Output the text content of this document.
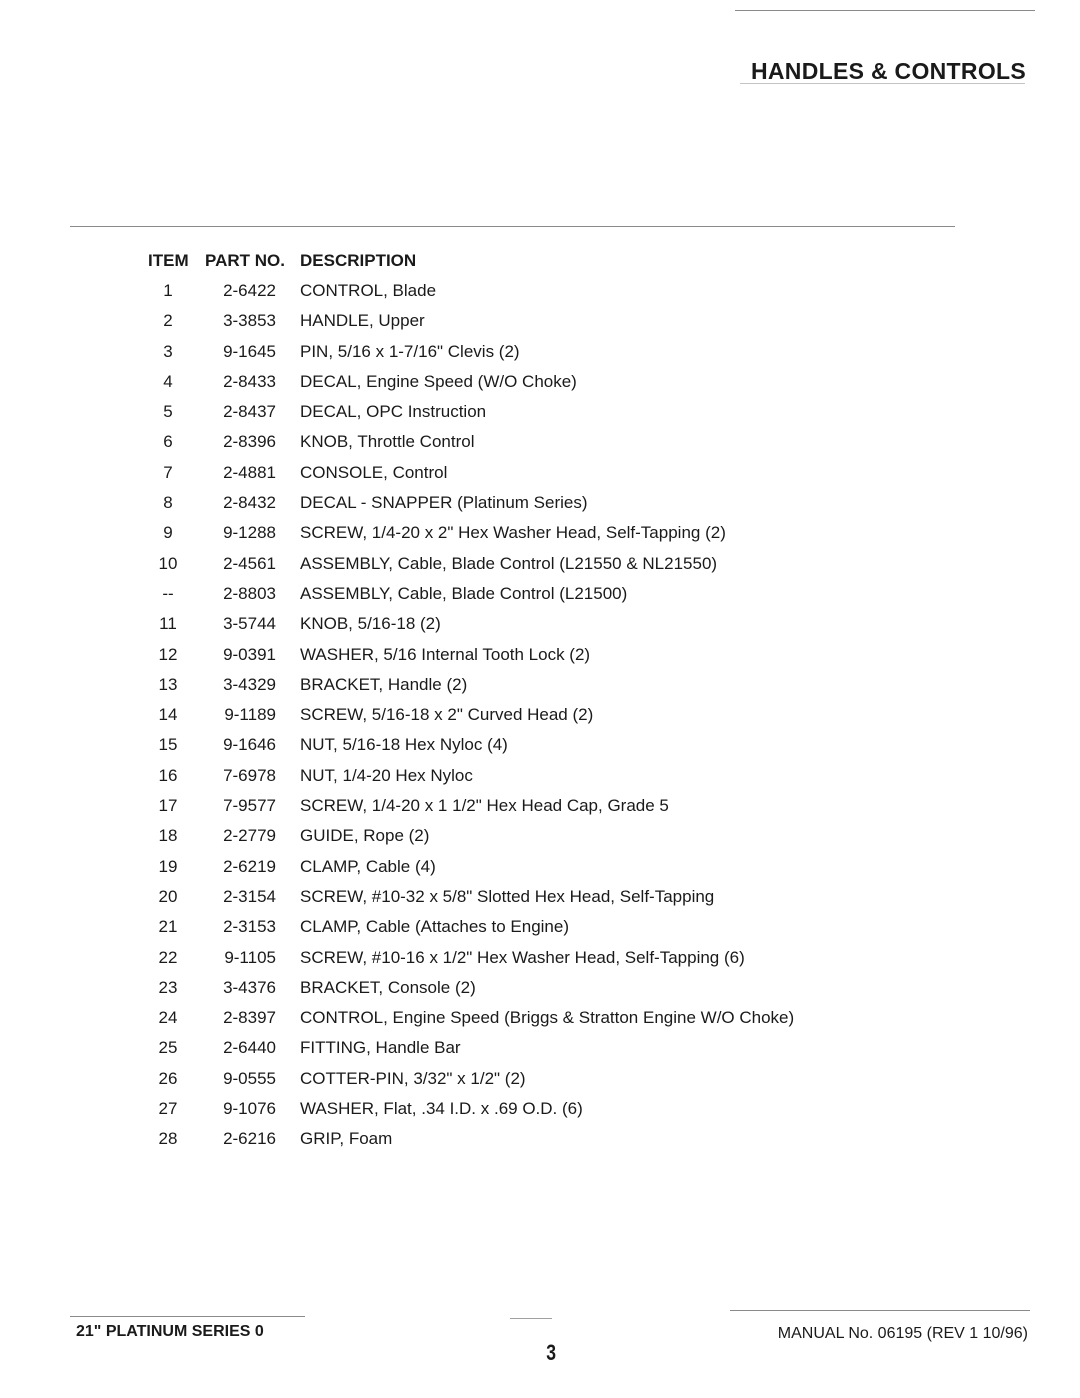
HANDLES & CONTROLS
ITEM PART NO. DESCRIPTION
1	2-6422 CONTROL, Blade
2	3-3853 HANDLE, Upper
3	9-1645 PIN, 5/16 x 1-7/16" Clevis (2)
4	2-8433 DECAL, Engine Speed (W/O Choke)
5	2-8437 DECAL, OPC Instruction
6	2-8396 KNOB, Throttle Control
7	2-4881 CONSOLE, Control
8	2-8432 DECAL - SNAPPER (Platinum Series)
9	9-1288 SCREW, 1/4-20 x 2" Hex Washer Head, Self-Tapping (2)
10	2-4561 ASSEMBLY, Cable, Blade Control (L21550 & NL21550)
--	2-8803 ASSEMBLY, Cable, Blade Control (L21500)
11	3-5744 KNOB, 5/16-18 (2)
12	9-0391 WASHER, 5/16 Internal Tooth Lock (2)
13	3-4329 BRACKET, Handle (2)
14	9-1189 SCREW, 5/16-18 x 2" Curved Head (2)
15	9-1646 NUT, 5/16-18 Hex Nyloc (4)
16	7-6978 NUT, 1/4-20 Hex Nyloc
17	7-9577 SCREW, 1/4-20 x 1 1/2" Hex Head Cap, Grade 5
18	2-2779 GUIDE, Rope (2)
19	2-6219 CLAMP, Cable (4)
20	2-3154 SCREW, #10-32 x 5/8" Slotted Hex Head, Self-Tapping
21	2-3153 CLAMP, Cable (Attaches to Engine)
22	9-1105 SCREW, #10-16 x 1/2" Hex Washer Head, Self-Tapping (6)
23	3-4376 BRACKET, Console (2)
24	2-8397 CONTROL, Engine Speed (Briggs & Stratton Engine W/O Choke)
25	2-6440 FITTING, Handle Bar
26	9-0555 COTTER-PIN, 3/32" x 1/2" (2)
27	9-1076 WASHER, Flat, .34 I.D. x .69 O.D. (6)
28	2-6216 GRIP, Foam
21" PLATINUM SERIES 0
3
MANUAL No. 06195 (REV 1 10/96)
